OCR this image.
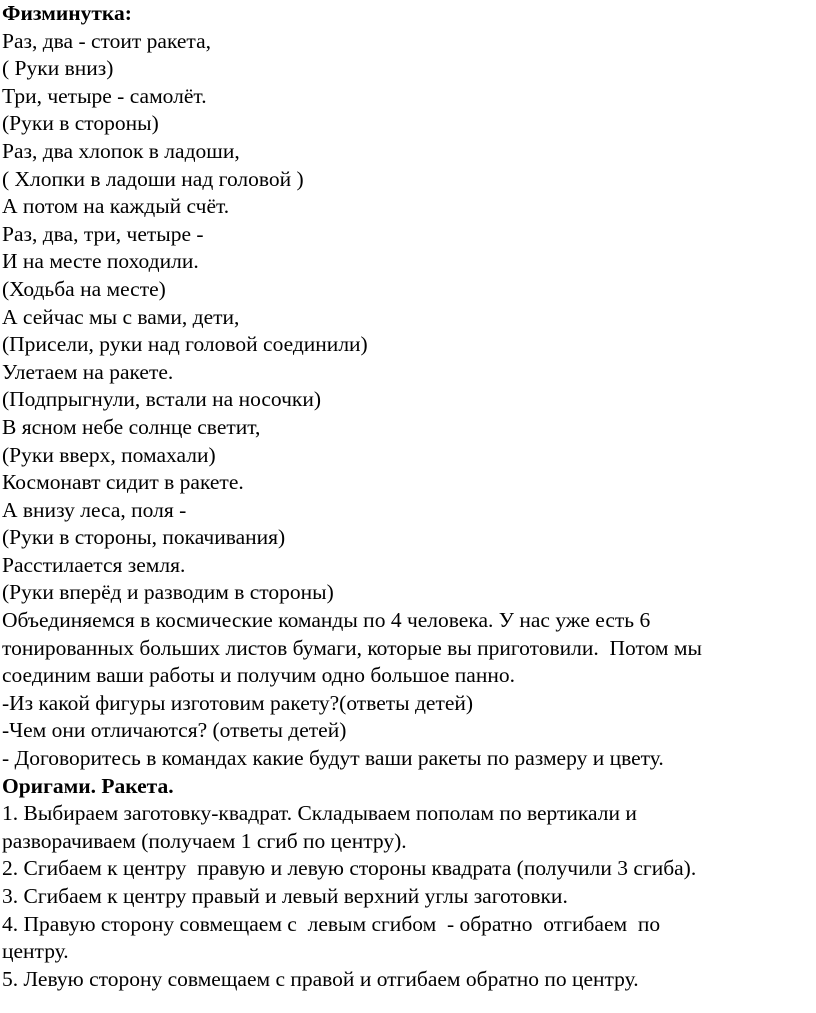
Физминутка:
Раз, два - стоит ракета,
( Руки вниз)
Три, четыре - самолёт.
(Руки в стороны)
Раз, два хлопок в ладоши,
( Хлопки в ладоши над головой )
А потом на каждый счёт.
Раз, два, три, четыре -
И на месте походили.
(Ходьба на месте)
А сейчас мы с вами, дети,
(Присели, руки над головой соединили)
Улетаем на ракете.
(Подпрыгнули, встали на носочки)
В ясном небе солнце светит,
(Руки вверх, помахали)
Космонавт сидит в ракете.
А внизу леса, поля -
(Руки в стороны, покачивания)
Расстилается земля.
(Руки вперёд и разводим в стороны)
Объединяемся в космические команды по 4 человека. У нас уже есть 6
тонированных больших листов бумаги, которые вы приготовили.  Потом мы
соединим ваши работы и получим одно большое панно.
-Из какой фигуры изготовим ракету?(ответы детей)
-Чем они отличаются? (ответы детей)
- Договоритесь в командах какие будут ваши ракеты по размеру и цвету.
Оригами. Ракета.
1. Выбираем заготовку-квадрат. Складываем пополам по вертикали и
разворачиваем (получаем 1 сгиб по центру).
2. Сгибаем к центру  правую и левую стороны квадрата (получили 3 сгиба).
3. Сгибаем к центру правый и левый верхний углы заготовки.
4. Правую сторону совмещаем с  левым сгибом  - обратно  отгибаем  по
центру.
5. Левую сторону совмещаем с правой и отгибаем обратно по центру.
